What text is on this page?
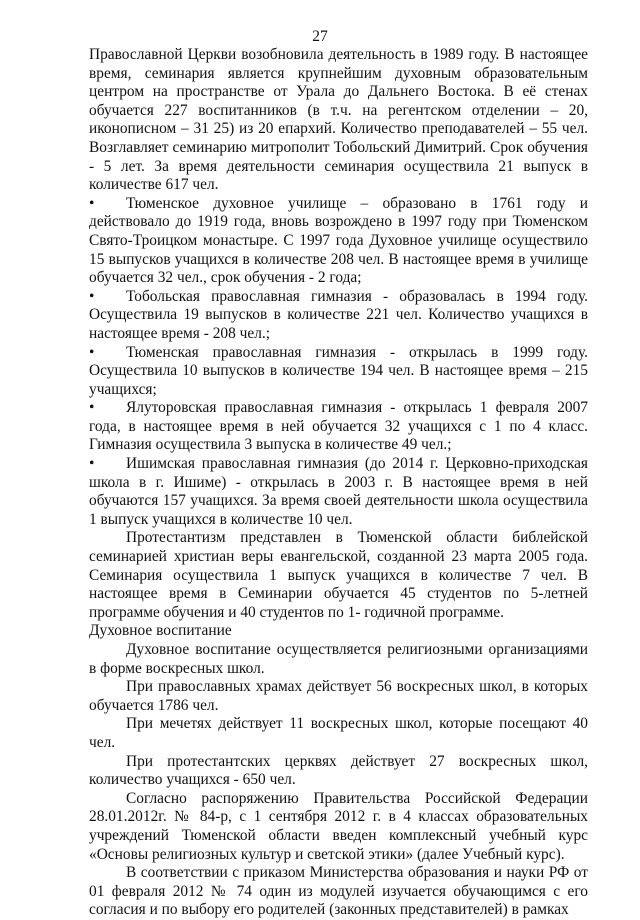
27

Православной Церкви возобновила деятельность в 1989 году. В настоящее время, семинария является крупнейшим духовным образовательным центром на пространстве от Урала до Дальнего Востока. В её стенах обучается 227 воспитанников (в т.ч. на регентском отделении – 20, иконописном – 31 25) из 20 епархий. Количество преподавателей – 55 чел. Возглавляет семинарию митрополит Тобольский Димитрий. Срок обучения - 5 лет. За время деятельности семинария осуществила 21 выпуск в количестве 617 чел.

• Тюменское духовное училище – образовано в 1761 году и действовало до 1919 года, вновь возрождено в 1997 году при Тюменском Свято-Троицком монастыре. С 1997 года Духовное училище осуществило 15 выпусков учащихся в количестве 208 чел. В настоящее время в училище обучается 32 чел., срок обучения - 2 года;

• Тобольская православная гимназия - образовалась в 1994 году. Осуществила 19 выпусков в количестве 221 чел. Количество учащихся в настоящее время - 208 чел.;

• Тюменская православная гимназия - открылась в 1999 году. Осуществила 10 выпусков в количестве 194 чел. В настоящее время – 215 учащихся;

• Ялуторовская православная гимназия - открылась 1 февраля 2007 года, в настоящее время в ней обучается 32 учащихся с 1 по 4 класс. Гимназия осуществила 3 выпуска в количестве 49 чел.;

• Ишимская православная гимназия (до 2014 г. Церковно-приходская школа в г. Ишиме) - открылась в 2003 г. В настоящее время в ней обучаются 157 учащихся. За время своей деятельности школа осуществила 1 выпуск учащихся в количестве 10 чел.

Протестантизм представлен в Тюменской области библейской семинарией христиан веры евангельской, созданной 23 марта 2005 года. Семинария осуществила 1 выпуск учащихся в количестве 7 чел. В настоящее время в Семинарии обучается 45 студентов по 5-летней программе обучения и 40 студентов по 1- годичной программе.

Духовное воспитание

Духовное воспитание осуществляется религиозными организациями в форме воскресных школ.

При православных храмах действует 56 воскресных школ, в которых обучается 1786 чел.

При мечетях действует 11 воскресных школ, которые посещают 40 чел.

При протестантских церквях действует 27 воскресных школ, количество учащихся - 650 чел.

Согласно распоряжению Правительства Российской Федерации 28.01.2012г. № 84-р, с 1 сентября 2012 г. в 4 классах образовательных учреждений Тюменской области введен комплексный учебный курс «Основы религиозных культур и светской этики» (далее Учебный курс).

В соответствии с приказом Министерства образования и науки РФ от 01 февраля 2012 № 74 один из модулей изучается обучающимся с его согласия и по выбору его родителей (законных представителей) в рамках
